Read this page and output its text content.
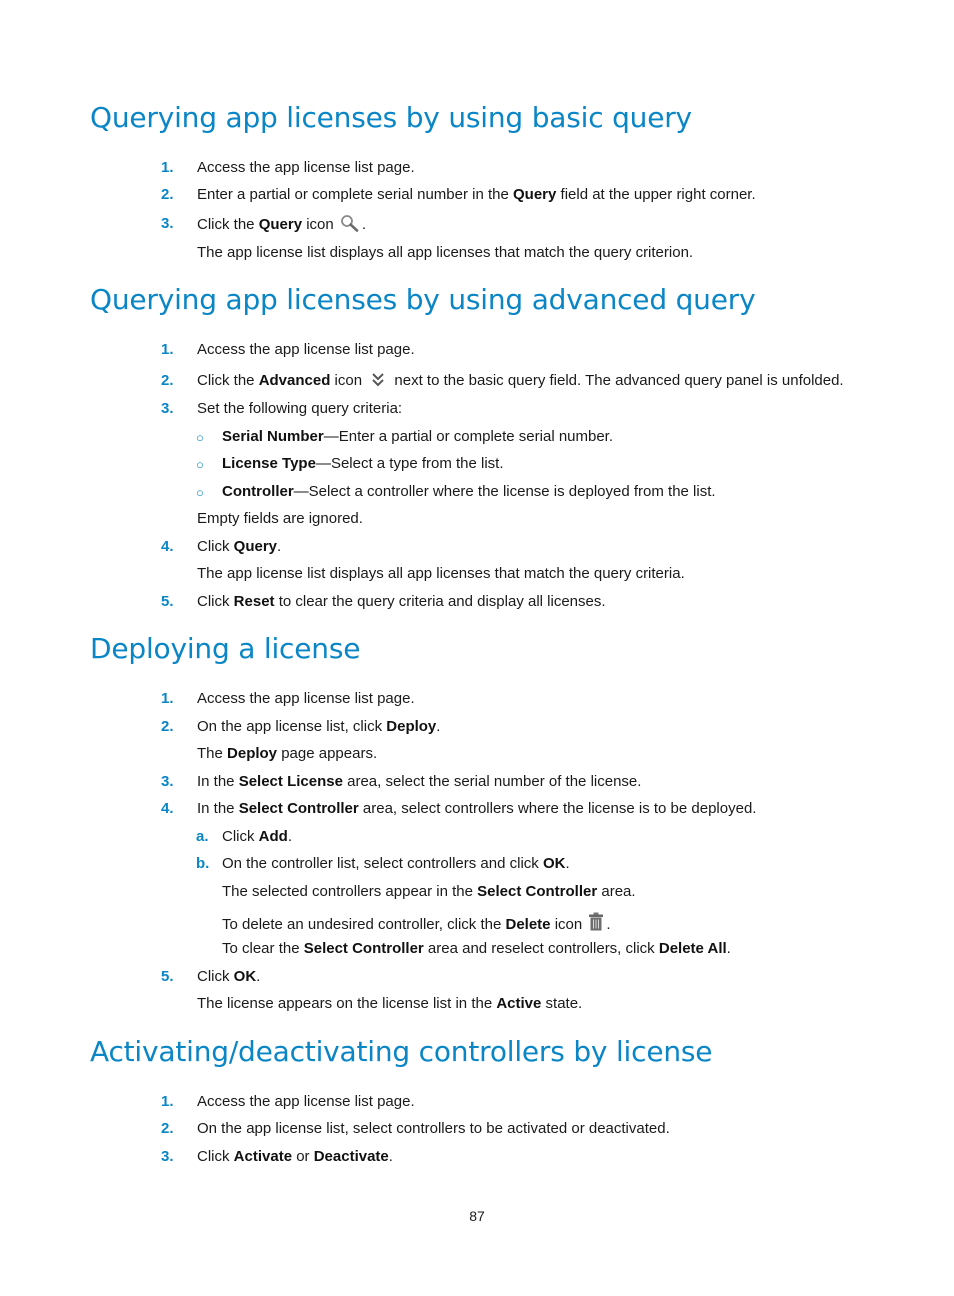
Querying app licenses by using basic query
1. Access the app license list page.
2. Enter a partial or complete serial number in the Query field at the upper right corner.
3. Click the Query icon .
The app license list displays all app licenses that match the query criterion.
Querying app licenses by using advanced query
1. Access the app license list page.
2. Click the Advanced icon  next to the basic query field. The advanced query panel is unfolded.
3. Set the following query criteria:
○ Serial Number—Enter a partial or complete serial number.
○ License Type—Select a type from the list.
○ Controller—Select a controller where the license is deployed from the list.
Empty fields are ignored.
4. Click Query.
The app license list displays all app licenses that match the query criteria.
5. Click Reset to clear the query criteria and display all licenses.
Deploying a license
1. Access the app license list page.
2. On the app license list, click Deploy.
The Deploy page appears.
3. In the Select License area, select the serial number of the license.
4. In the Select Controller area, select controllers where the license is to be deployed.
a. Click Add.
b. On the controller list, select controllers and click OK.
The selected controllers appear in the Select Controller area.
To delete an undesired controller, click the Delete icon .
To clear the Select Controller area and reselect controllers, click Delete All.
5. Click OK.
The license appears on the license list in the Active state.
Activating/deactivating controllers by license
1. Access the app license list page.
2. On the app license list, select controllers to be activated or deactivated.
3. Click Activate or Deactivate.
87
